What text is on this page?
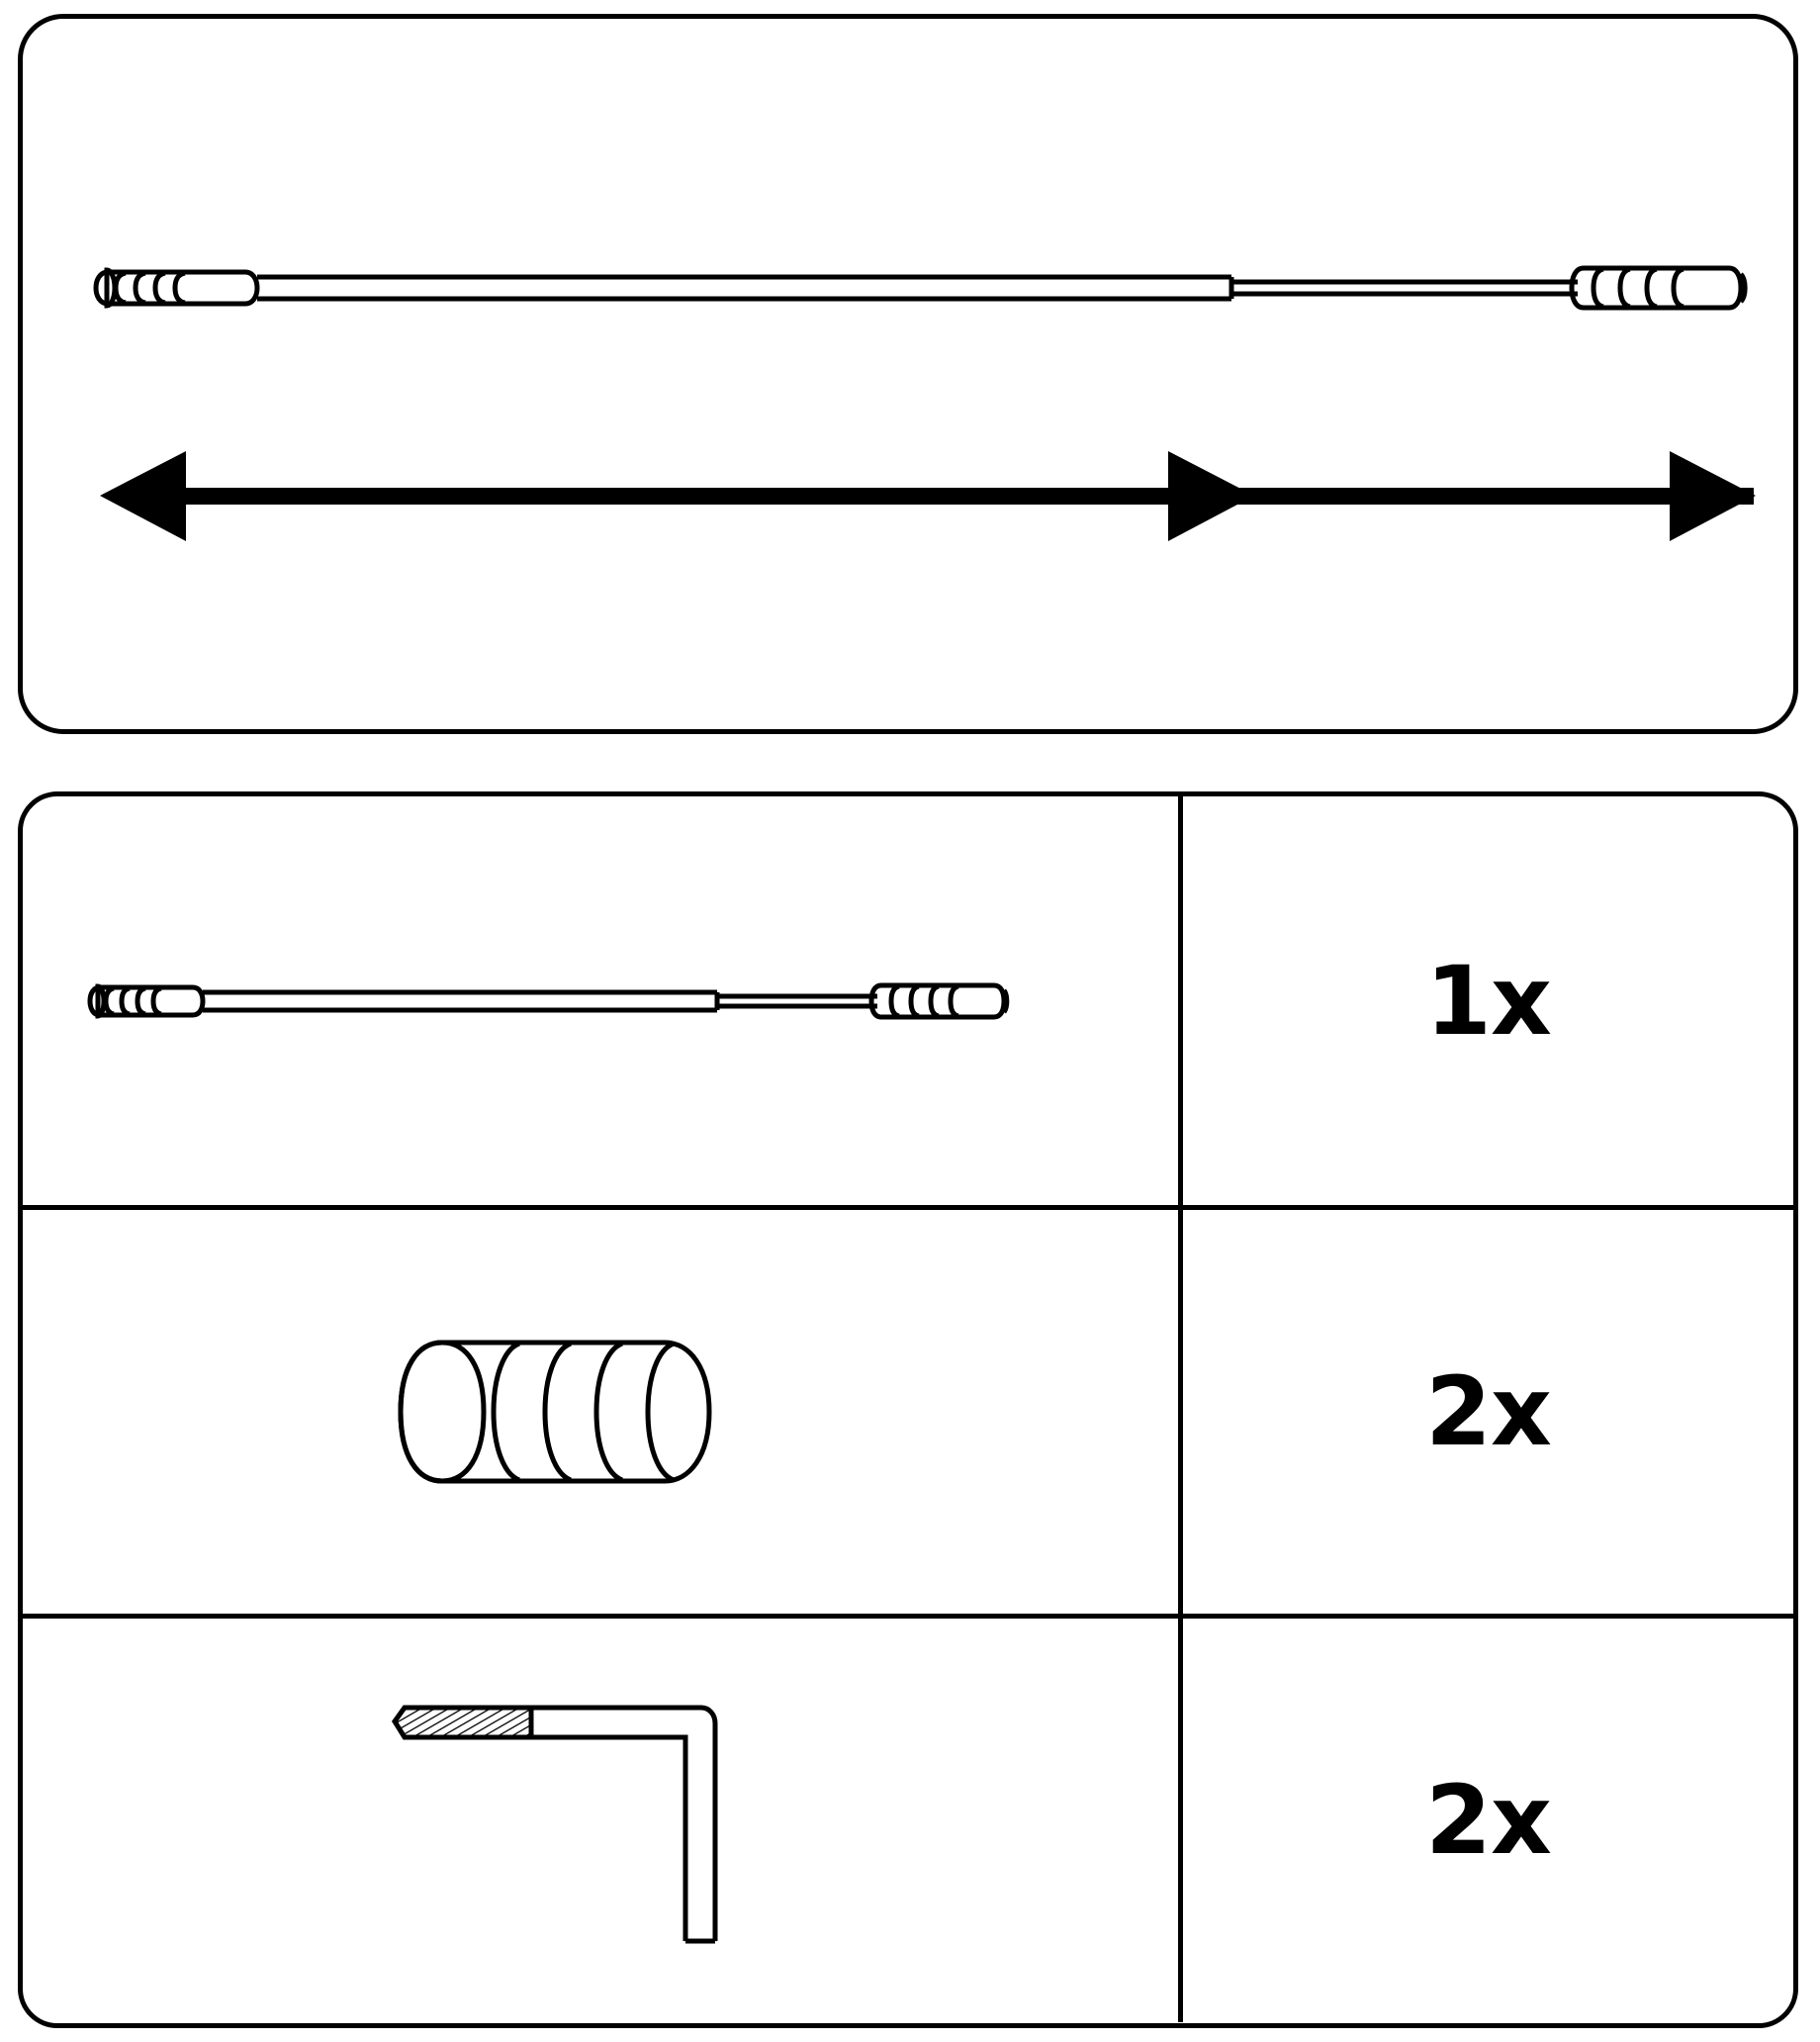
1x
2x
2x
